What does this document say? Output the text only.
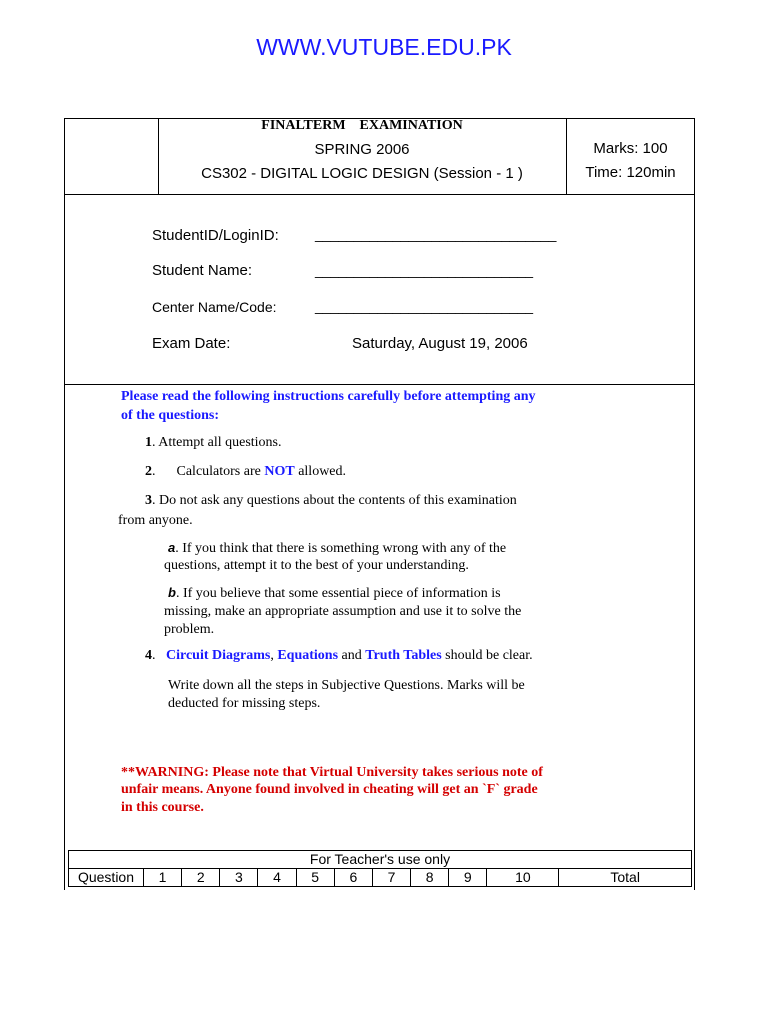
WWW.VUTUBE.EDU.PK
FINALTERM    EXAMINATION
SPRING 2006
CS302 - DIGITAL LOGIC DESIGN (Session - 1 )
Marks: 100
Time: 120min
StudentID/LoginID:	_______________________________
Student Name:	____________________________
Center Name/Code:	____________________________
Exam Date:	Saturday, August 19, 2006
Please read the following instructions carefully before attempting any
of the questions:
1. Attempt all questions.
2.      Calculators are NOT allowed.
3. Do not ask any questions about the contents of this examination
from anyone.
a. If you think that there is something wrong with any of the
questions, attempt it to the best of your understanding.
b. If you believe that some essential piece of information is
missing, make an appropriate assumption and use it to solve the
problem.
4. Circuit Diagrams, Equations and Truth Tables should be clear.
Write down all the steps in Subjective Questions. Marks will be
deducted for missing steps.
**WARNING: Please note that Virtual University takes serious note of
unfair means. Anyone found involved in cheating will get an `F` grade
in this course.
For Teacher's use only
Question	1	2	3	4	5	6	7	8	9	10	Total
